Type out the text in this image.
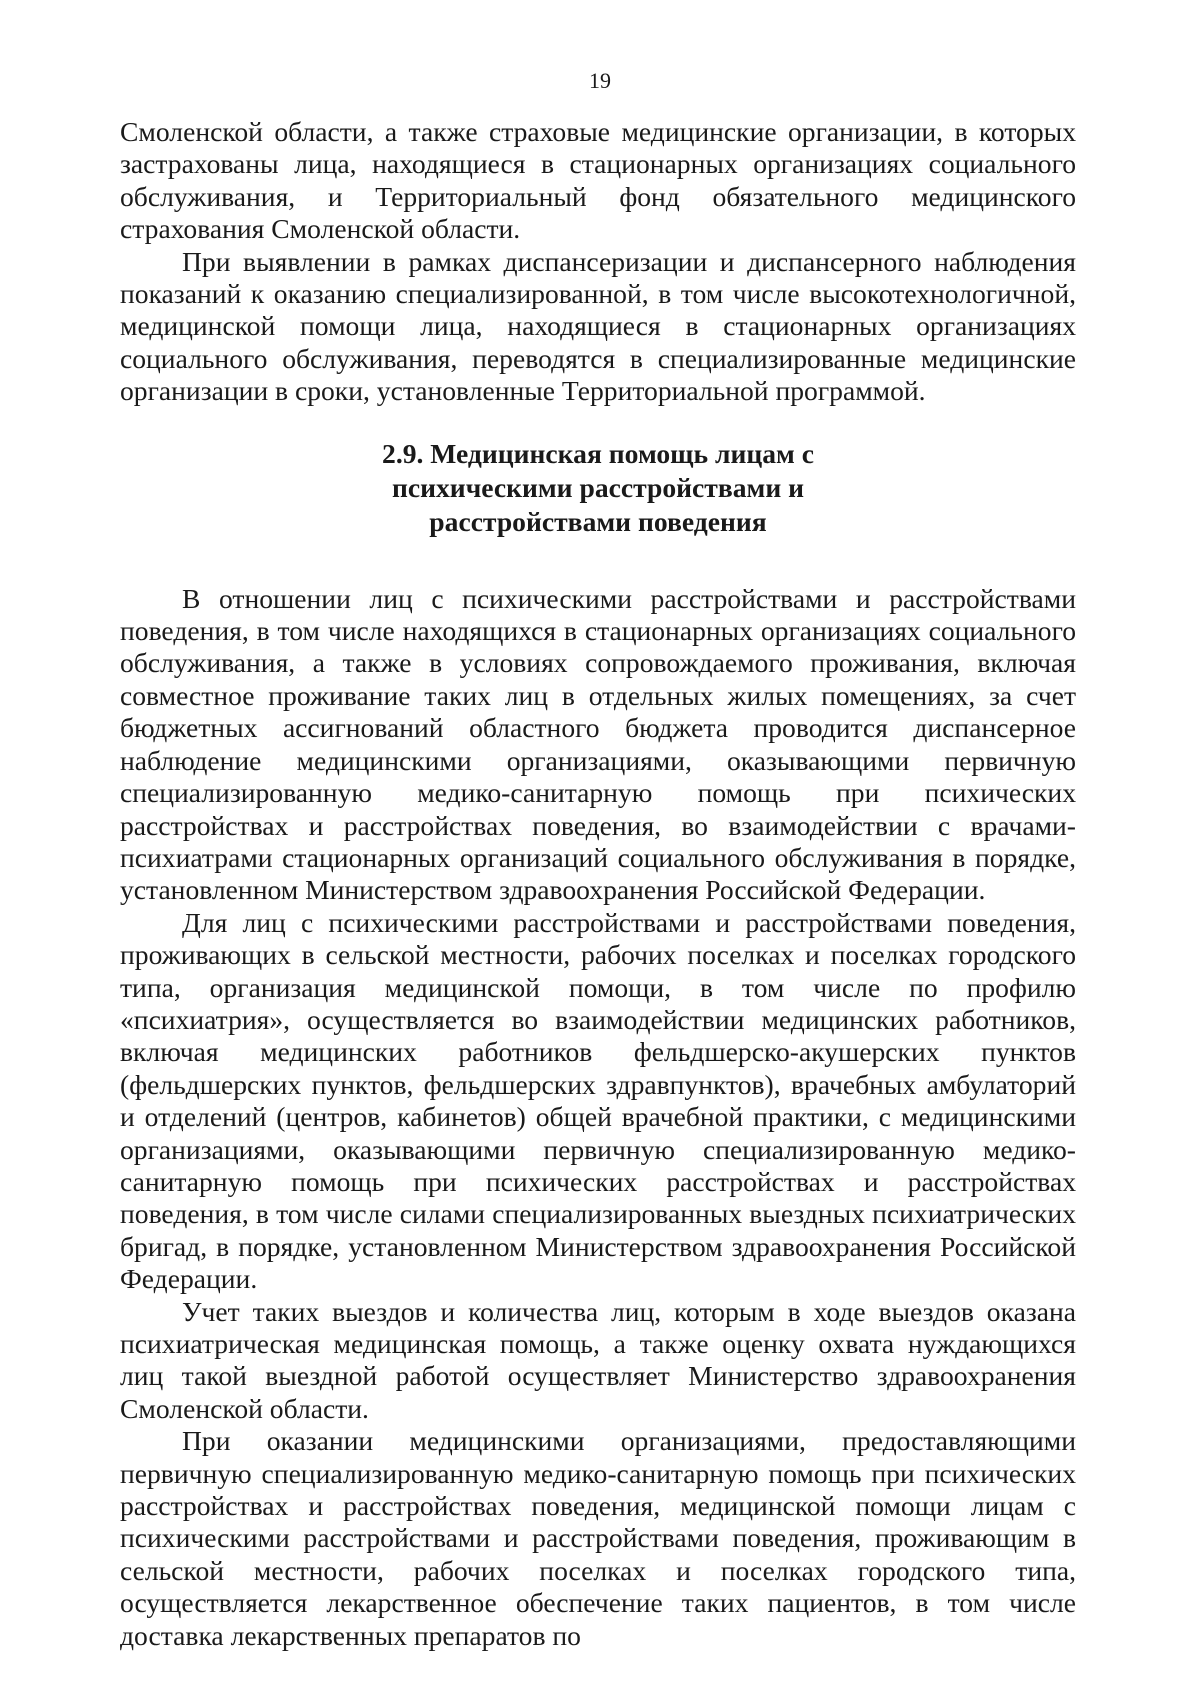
19

Смоленской области, а также страховые медицинские организации, в которых застрахованы лица, находящиеся в стационарных организациях социального обслуживания, и Территориальный фонд обязательного медицинского страхования Смоленской области.

При выявлении в рамках диспансеризации и диспансерного наблюдения показаний к оказанию специализированной, в том числе высокотехнологичной, медицинской помощи лица, находящиеся в стационарных организациях социального обслуживания, переводятся в специализированные медицинские организации в сроки, установленные Территориальной программой.

2.9. Медицинская помощь лицам с
психическими расстройствами и
расстройствами поведения

В отношении лиц с психическими расстройствами и расстройствами поведения, в том числе находящихся в стационарных организациях социального обслуживания, а также в условиях сопровождаемого проживания, включая совместное проживание таких лиц в отдельных жилых помещениях, за счет бюджетных ассигнований областного бюджета проводится диспансерное наблюдение медицинскими организациями, оказывающими первичную специализированную медико-санитарную помощь при психических расстройствах и расстройствах поведения, во взаимодействии с врачами-психиатрами стационарных организаций социального обслуживания в порядке, установленном Министерством здравоохранения Российской Федерации.

Для лиц с психическими расстройствами и расстройствами поведения, проживающих в сельской местности, рабочих поселках и поселках городского типа, организация медицинской помощи, в том числе по профилю «психиатрия», осуществляется во взаимодействии медицинских работников, включая медицинских работников фельдшерско-акушерских пунктов (фельдшерских пунктов, фельдшерских здравпунктов), врачебных амбулаторий и отделений (центров, кабинетов) общей врачебной практики, с медицинскими организациями, оказывающими первичную специализированную медико-санитарную помощь при психических расстройствах и расстройствах поведения, в том числе силами специализированных выездных психиатрических бригад, в порядке, установленном Министерством здравоохранения Российской Федерации.

Учет таких выездов и количества лиц, которым в ходе выездов оказана психиатрическая медицинская помощь, а также оценку охвата нуждающихся лиц такой выездной работой осуществляет Министерство здравоохранения Смоленской области.

При оказании медицинскими организациями, предоставляющими первичную специализированную медико-санитарную помощь при психических расстройствах и расстройствах поведения, медицинской помощи лицам с психическими расстройствами и расстройствами поведения, проживающим в сельской местности, рабочих поселках и поселках городского типа, осуществляется лекарственное обеспечение таких пациентов, в том числе доставка лекарственных препаратов по
